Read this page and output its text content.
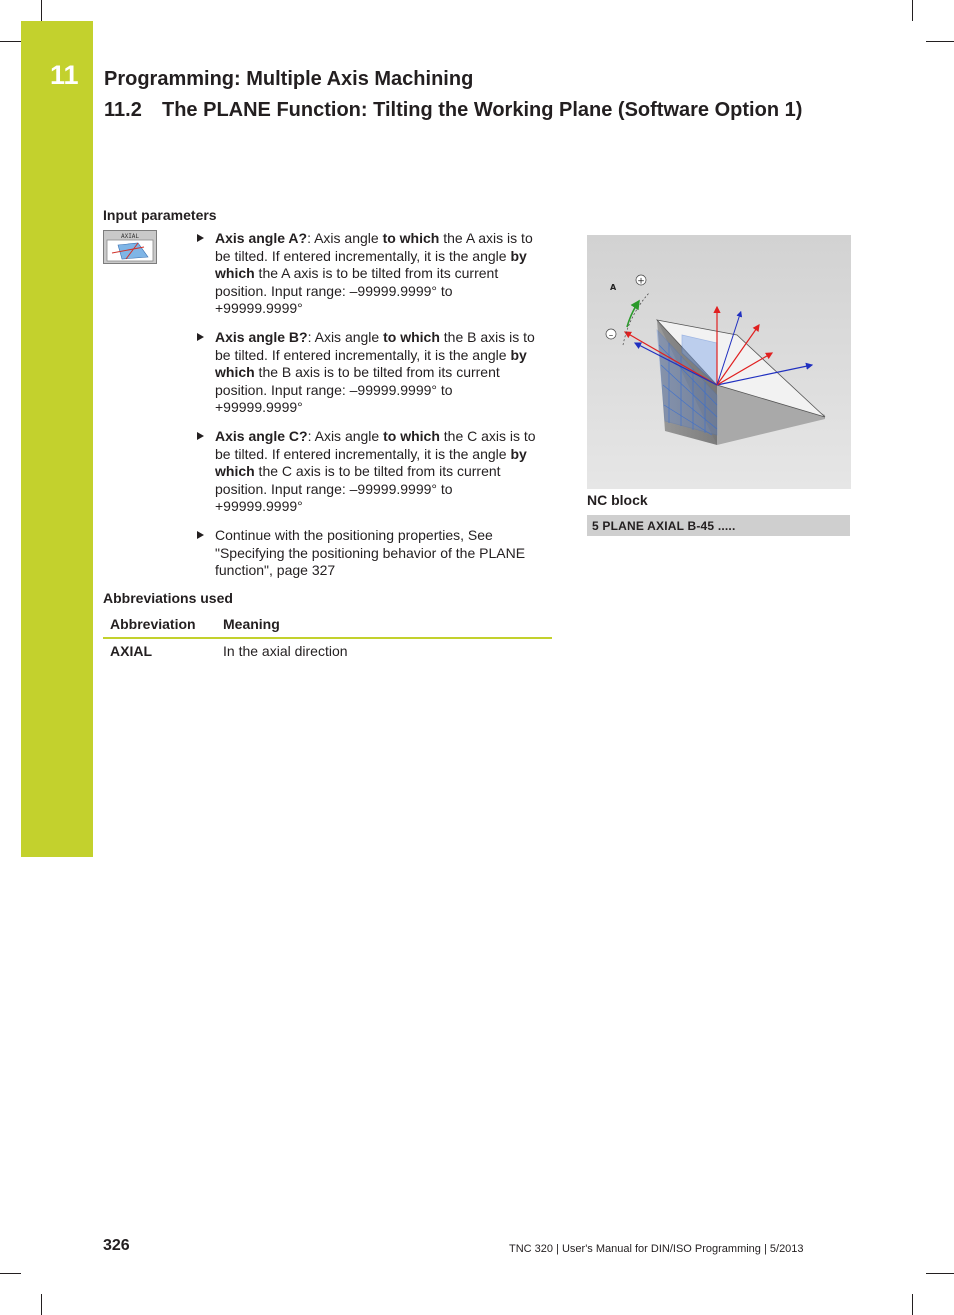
11	Programming: Multiple Axis Machining
11.2 The PLANE Function: Tilting the Working Plane (Software Option 1)
Input parameters
AXIAL	Axis angle A?: Axis angle to which the A axis is to be tilted. If entered incrementally, it is the angle by which the A axis is to be tilted from its current position. Input range: –99999.9999° to +99999.9999°
Axis angle B?: Axis angle to which the B axis is to be tilted. If entered incrementally, it is the angle by which the B axis is to be tilted from its current position. Input range: –99999.9999° to +99999.9999°
Axis angle C?: Axis angle to which the C axis is to be tilted. If entered incrementally, it is the angle by which the C axis is to be tilted from its current position. Input range: –99999.9999° to +99999.9999°
Continue with the positioning properties, See "Specifying the positioning behavior of the PLANE function", page 327
Abbreviations used
Abbreviation	Meaning
AXIAL	In the axial direction
+
–
A
NC block
5 PLANE AXIAL B-45 .....
326	TNC 320 | User's Manual for DIN/ISO Programming | 5/2013
